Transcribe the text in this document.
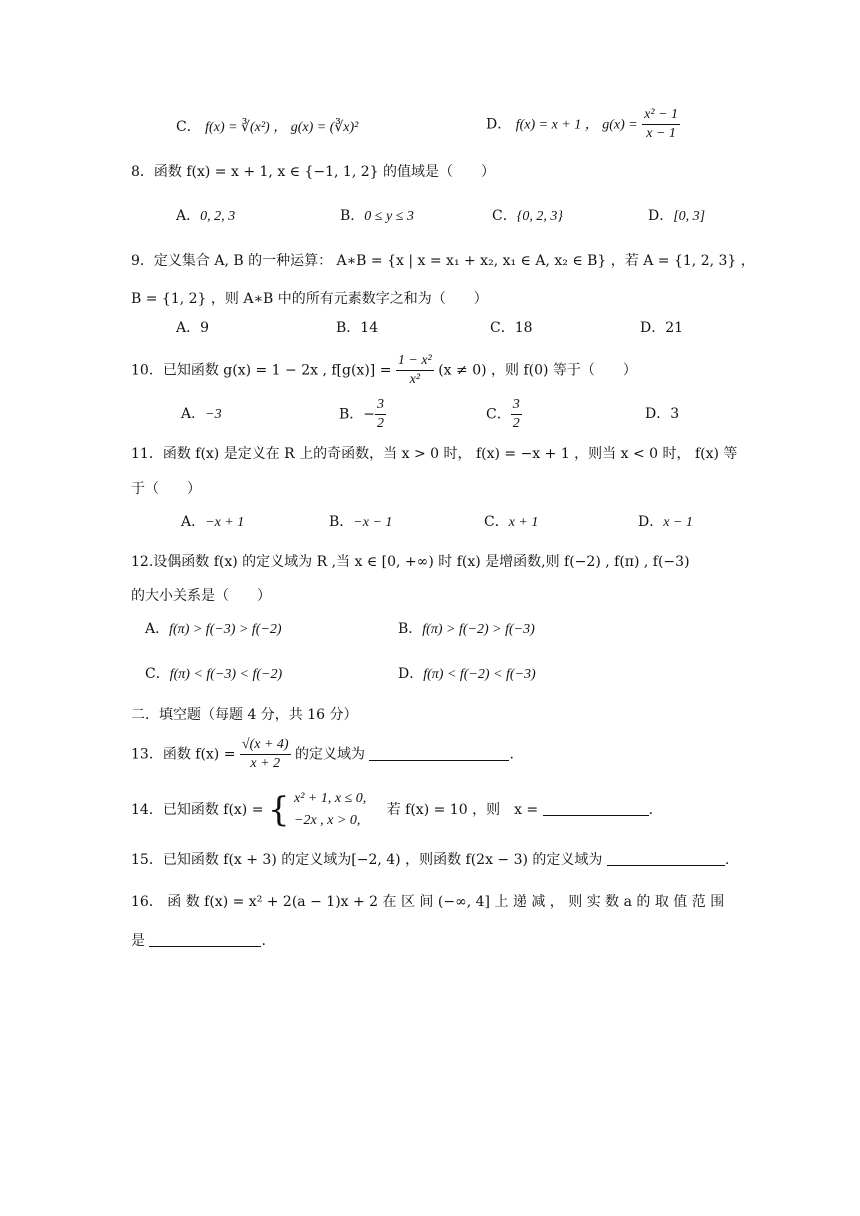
C． f(x) = ∛(x²) ， g(x) = (∛x)²	D． f(x) = x + 1 ， $g(x) = \frac{\text{x² − 1}}{x - 1}$
8．函数 f(x) = x + 1, x ∈ {−1, 1, 2} 的值域是（　　）
A．0, 2, 3	B．0 ≤ y ≤ 3	C．{0, 2, 3}	D．[0, 3]
9．定义集合 A, B 的一种运算： A∗B = {x | x = x₁ + x₂, x₁ ∈ A, x₂ ∈ B} ，若 A = {1, 2, 3} ，
B = {1, 2} ，则 A∗B 中的所有元素数字之和为（　　）
A．9	B．14	C．18	D．21
10．已知函数 g(x) = 1 − 2x , $f[g(x)] = \frac{\text{1 − x²}}{\text{x²}} (x \ne 0)$ ，则 f(0) 等于（　　）
A．−3	B．− $\frac{3}{2}$	C． $\frac{3}{2}$	D．3
11．函数 f(x) 是定义在 R 上的奇函数，当 x > 0 时， f(x) = −x + 1 ，则当 x < 0 时， f(x) 等
于（　　）
A．−x + 1	B．−x − 1	C．x + 1	D．x − 1
12.设偶函数 f(x) 的定义域为 R ,当 x ∈ [0, +∞) 时 f(x) 是增函数,则 f(−2) , f(π) , f(−3)
的大小关系是（　　）
A．f(π) > f(−3) > f(−2)	B．f(π) > f(−2) > f(−3)
C．f(π) < f(−3) < f(−2)	D．f(π) < f(−2) < f(−3)
二．填空题（每题 4 分，共 16 分）
13．函数 $f(x) = \frac{√(x + 4)}{x + 2}$ 的定义域为	.
14．已知函数 f(x) = { x² + 1, x ≤ 0,
−2x , x > 0,
若 f(x) = 10 ，则　x =	.
15．已知函数 f(x + 3) 的定义域为[−2, 4) ，则函数 f(2x − 3) 的定义域为	.
16． 函 数 f(x) = x² + 2(a − 1)x + 2 在 区 间 (−∞, 4] 上 递 减 ， 则 实 数 a 的 取 值 范 围
是	.
